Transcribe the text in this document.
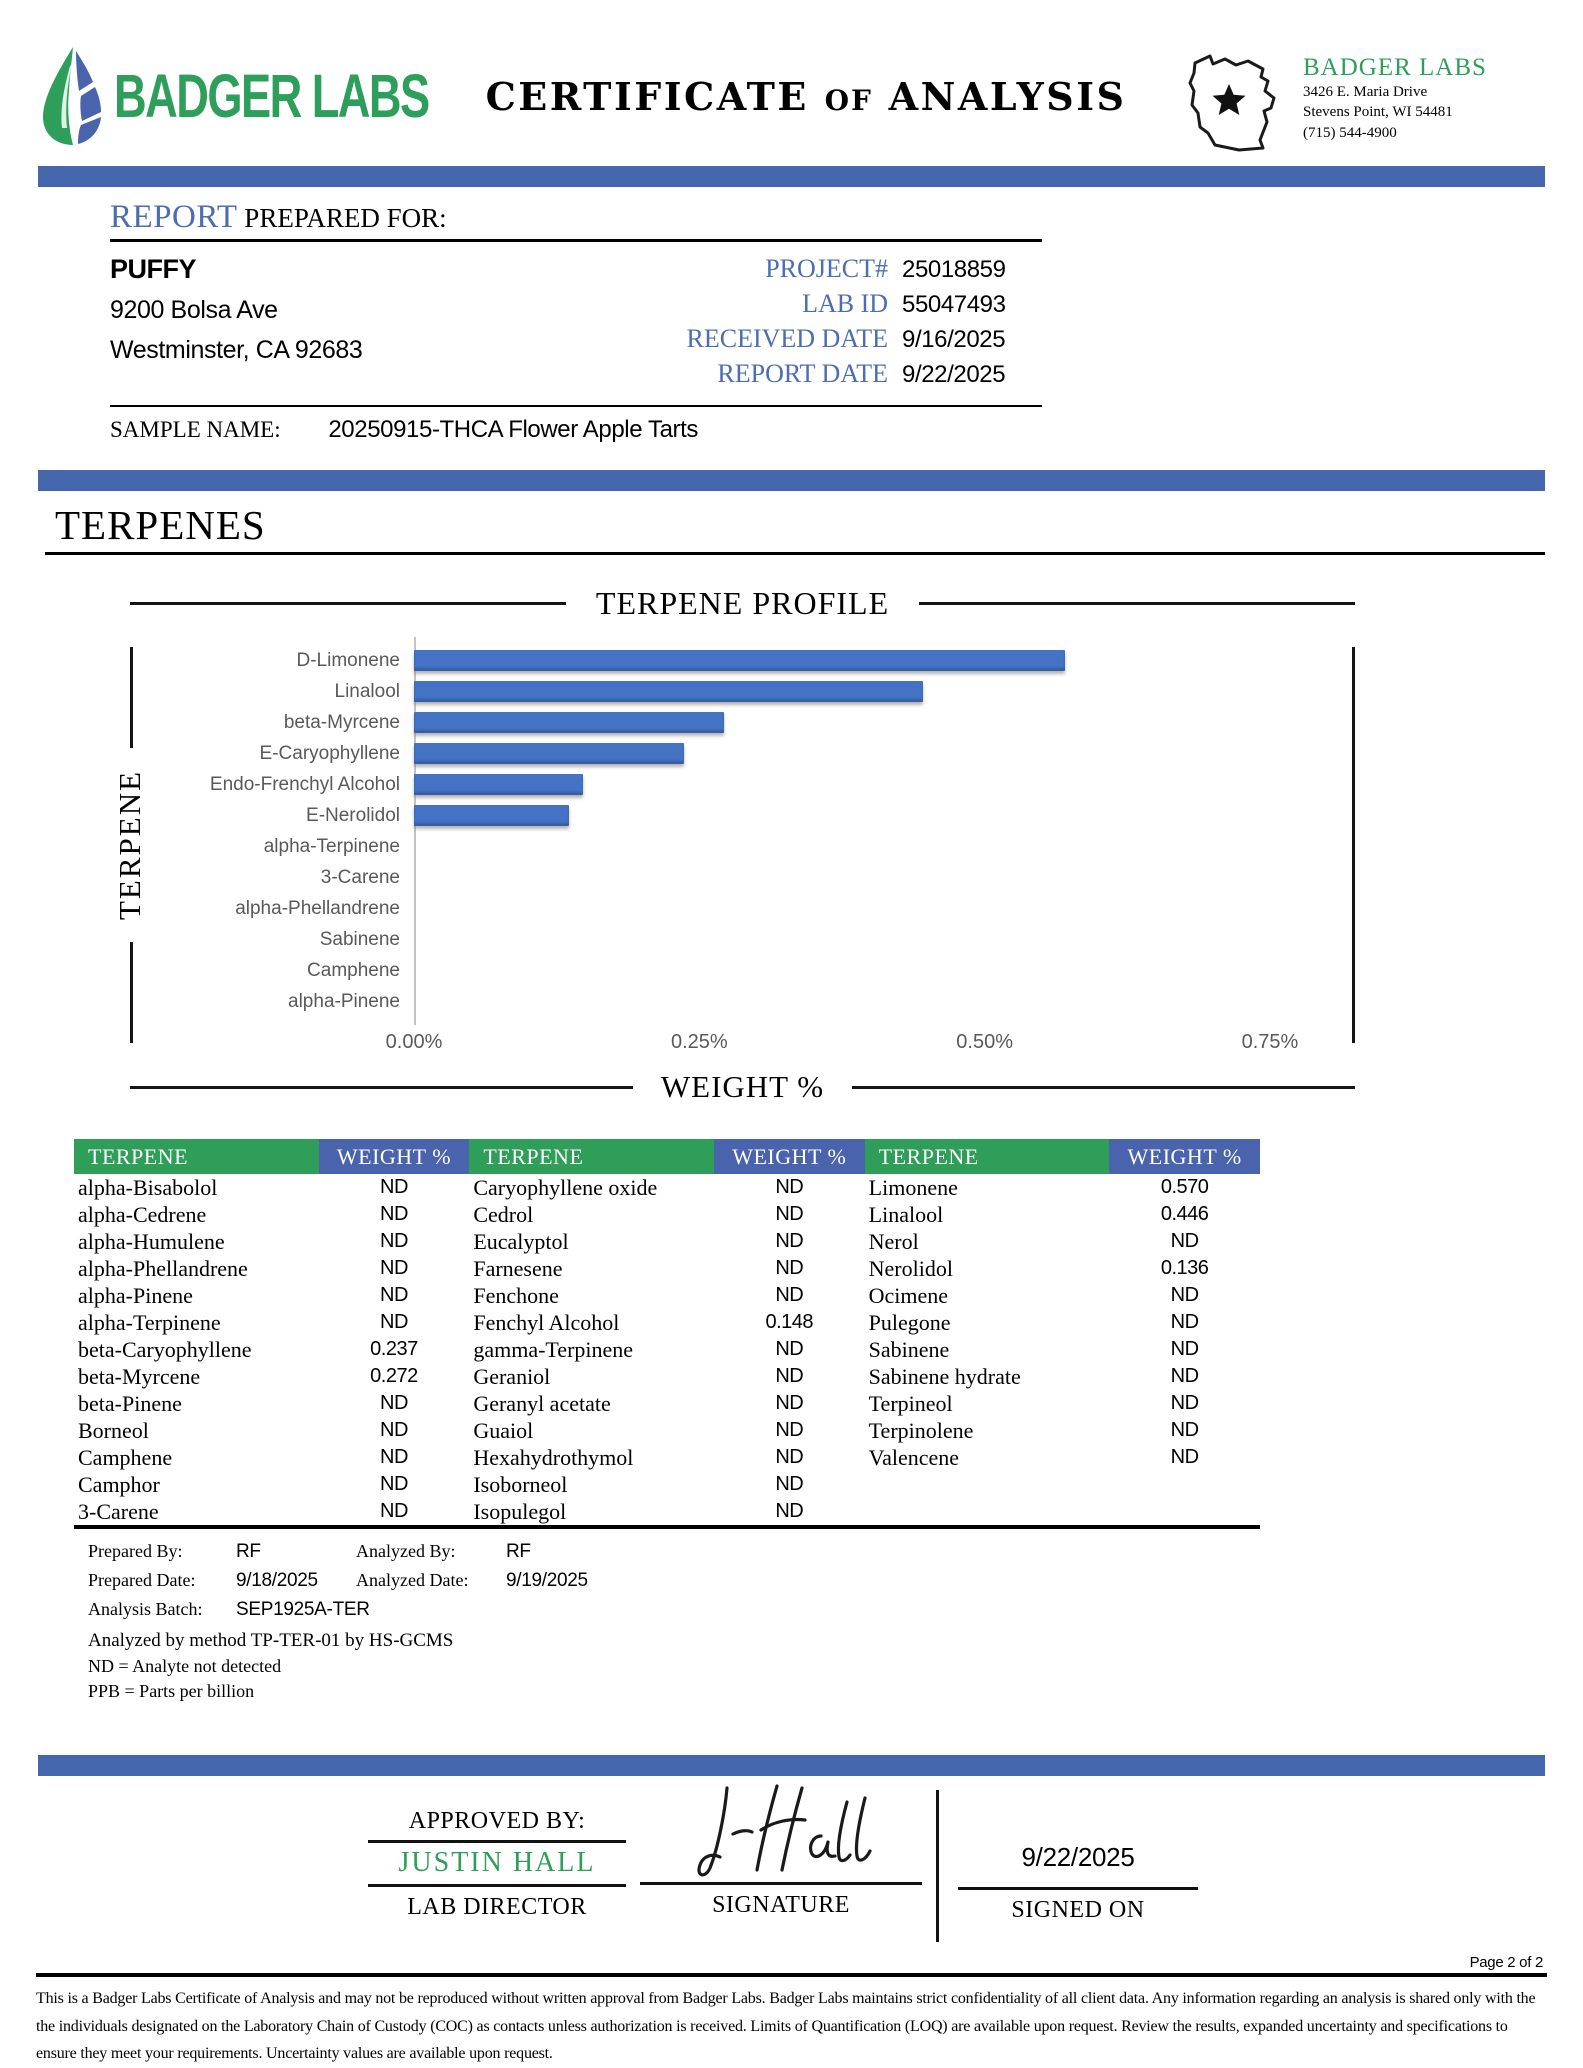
BADGER LABS	CERTIFICATE OF ANALYSIS
BADGER LABS
3426 E. Maria Drive
Stevens Point, WI 54481
(715) 544-4900
REPORT PREPARED FOR:
PUFFY
9200 Bolsa Ave
Westminster, CA 92683
PROJECT# 25018859
LAB ID 55047493
RECEIVED DATE 9/16/2025
REPORT DATE 9/22/2025
SAMPLE NAME: 20250915-THCA Flower Apple Tarts
TERPENES
TERPENE PROFILE
TERPENE
D-Limonene
Linalool
beta-Myrcene
E-Caryophyllene
Endo-Frenchyl Alcohol
E-Nerolidol
alpha-Terpinene
3-Carene
alpha-Phellandrene
Sabinene
Camphene
alpha-Pinene
0.00%	0.25%	0.50%	0.75%
WEIGHT %
TERPENE	WEIGHT %	TERPENE	WEIGHT %	TERPENE	WEIGHT %
alpha-Bisabolol	ND	Caryophyllene oxide	ND	Limonene	0.570
alpha-Cedrene	ND	Cedrol	ND	Linalool	0.446
alpha-Humulene	ND	Eucalyptol	ND	Nerol	ND
alpha-Phellandrene	ND	Farnesene	ND	Nerolidol	0.136
alpha-Pinene	ND	Fenchone	ND	Ocimene	ND
alpha-Terpinene	ND	Fenchyl Alcohol	0.148	Pulegone	ND
beta-Caryophyllene	0.237	gamma-Terpinene	ND	Sabinene	ND
beta-Myrcene	0.272	Geraniol	ND	Sabinene hydrate	ND
beta-Pinene	ND	Geranyl acetate	ND	Terpineol	ND
Borneol	ND	Guaiol	ND	Terpinolene	ND
Camphene	ND	Hexahydrothymol	ND	Valencene	ND
Camphor	ND	Isoborneol	ND		
3-Carene	ND	Isopulegol	ND		
Prepared By:	RF	Analyzed By:	RF
Prepared Date: 9/18/2025 Analyzed Date: 9/19/2025
Analysis Batch: SEP1925A-TER
Analyzed by method TP-TER-01 by HS-GCMS
ND = Analyte not detected
PPB = Parts per billion
APPROVED BY:
JUSTIN HALL
LAB DIRECTOR	SIGNATURE
9/22/2025
SIGNED ON
Page 2 of 2
This is a Badger Labs Certificate of Analysis and may not be reproduced without written approval from Badger Labs. Badger Labs maintains strict confidentiality of all client data. Any information regarding an analysis is shared only with the the individuals designated on the Laboratory Chain of Custody (COC) as contacts unless authorization is received. Limits of Quantification (LOQ) are available upon request. Review the results, expanded uncertainty and specifications to ensure they meet your requirements. Uncertainty values are available upon request.
